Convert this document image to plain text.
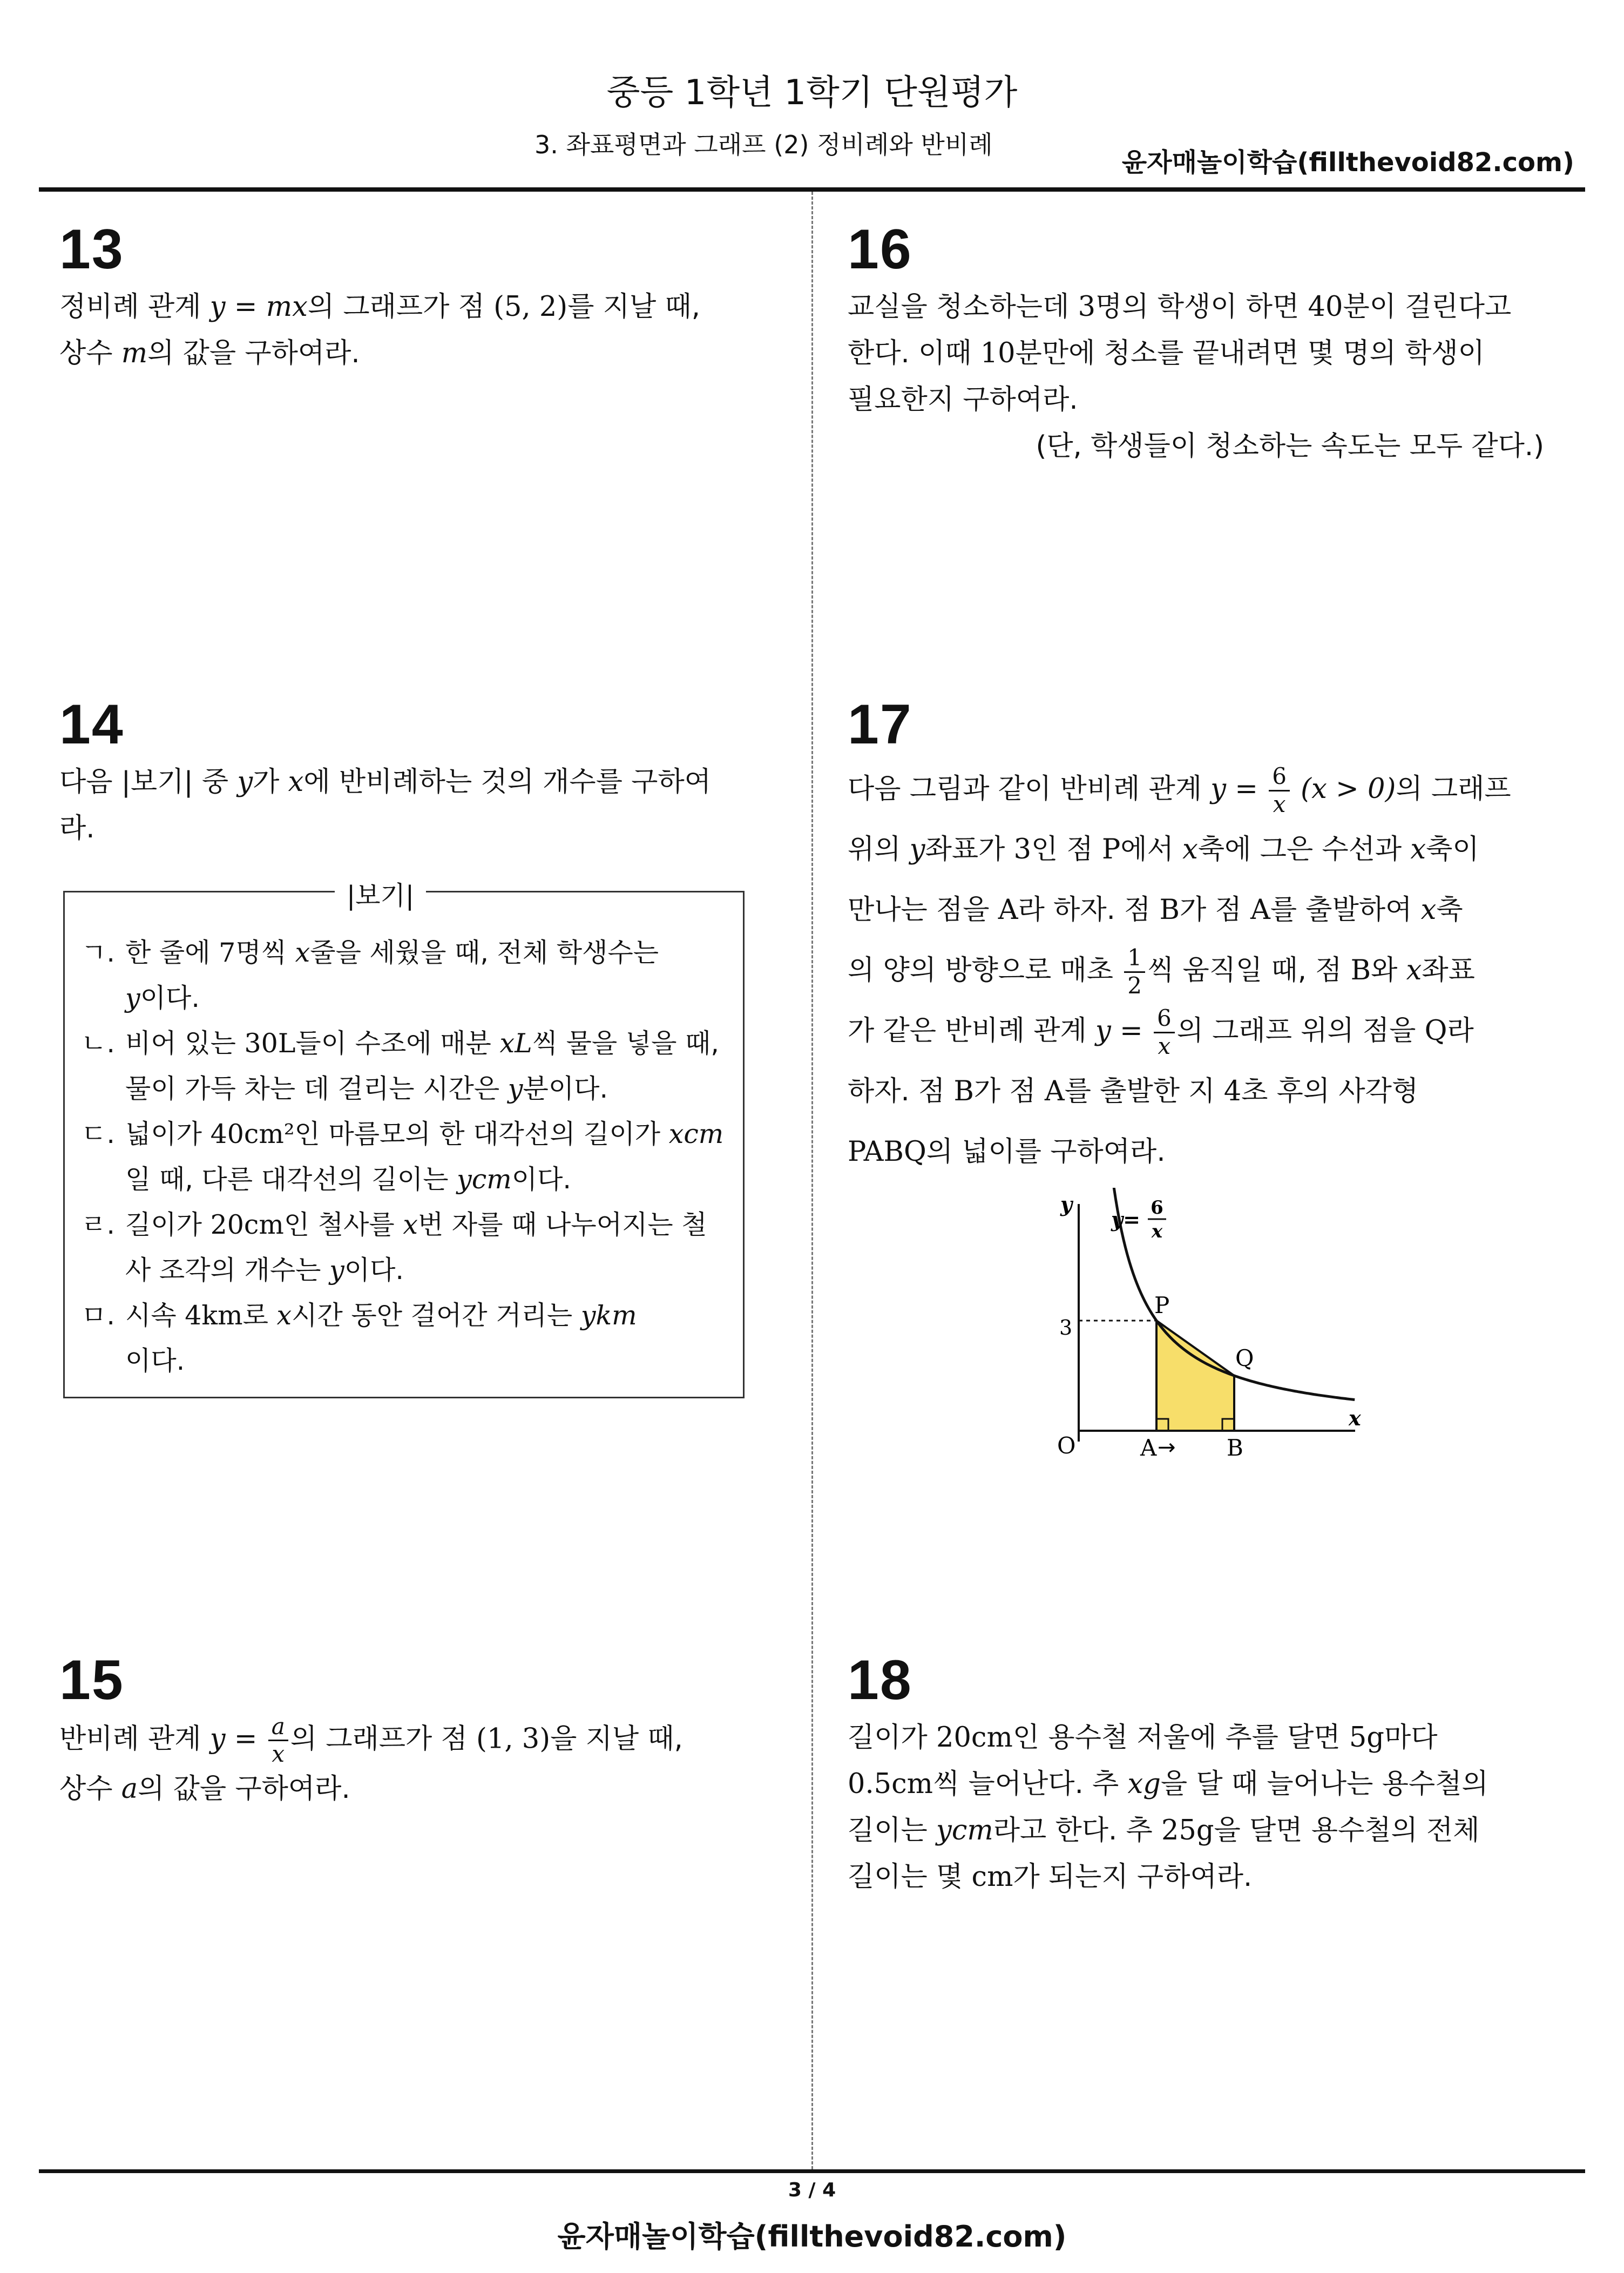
중등 1학년 1학기 단원평가
3. 좌표평면과 그래프 (2) 정비례와 반비례
윤자매놀이학습(fillthevoid82.com)
13
정비례 관계 y = mx의 그래프가 점 (5, 2)를 지날 때,
상수 m의 값을 구하여라.
14
다음 |보기| 중 y가 x에 반비례하는 것의 개수를 구하여
라.
ㄱ. 한 줄에 7명씩 x줄을 세웠을 때, 전체 학생수는
y이다.
ㄴ. 비어 있는 30L들이 수조에 매분 xL씩 물을 넣을 때, 물이 가득 차는 데 걸리는 시간은 y분이다.
ㄷ. 넓이가 40cm²인 마름모의 한 대각선의 길이가 xcm일 때, 다른 대각선의 길이는 ycm이다.
ㄹ. 길이가 20cm인 철사를 x번 자를 때 나누어지는 철사 조각의 개수는 y이다.
ㅁ. 시속 4km로 x시간 동안 걸어간 거리는 ykm
이다.
|보기|
15
반비례 관계 $y = \frac{a}{x}$ 의 그래프가 점 (1, 3)을 지날 때,
상수 a의 값을 구하여라.
16
교실을 청소하는데 3명의 학생이 하면 40분이 걸린다고
한다. 이때 10분만에 청소를 끝내려면 몇 명의 학생이
필요한지 구하여라.
(단, 학생들이 청소하는 속도는 모두 같다.)
17
다음 그림과 같이 반비례 관계 $y = \frac{6}{x} (x > 0)$의 그래프
위의 y좌표가 3인 점 P에서 x축에 그은 수선과 x축이
만나는 점을 A라 하자. 점 B가 점 A를 출발하여 x축
의 양의 방향으로 매초 $\frac{1}{2}$ 씩 움직일 때, 점 B와 x좌표
가 같은 반비례 관계 $y = \frac{6}{x}$ 의 그래프 위의 점을 Q라
하자. 점 B가 점 A를 출발한 지 4초 후의 사각형
PABQ의 넓이를 구하여라.
y
x
O
3
y= 6
x
P
Q
A → B
18
길이가 20cm인 용수철 저울에 추를 달면 5g마다
0.5cm씩 늘어난다. 추 xg을 달 때 늘어나는 용수철의
길이는 ycm라고 한다. 추 25g을 달면 용수철의 전체
길이는 몇 cm가 되는지 구하여라.
3 / 4
윤자매놀이학습(fillthevoid82.com)
